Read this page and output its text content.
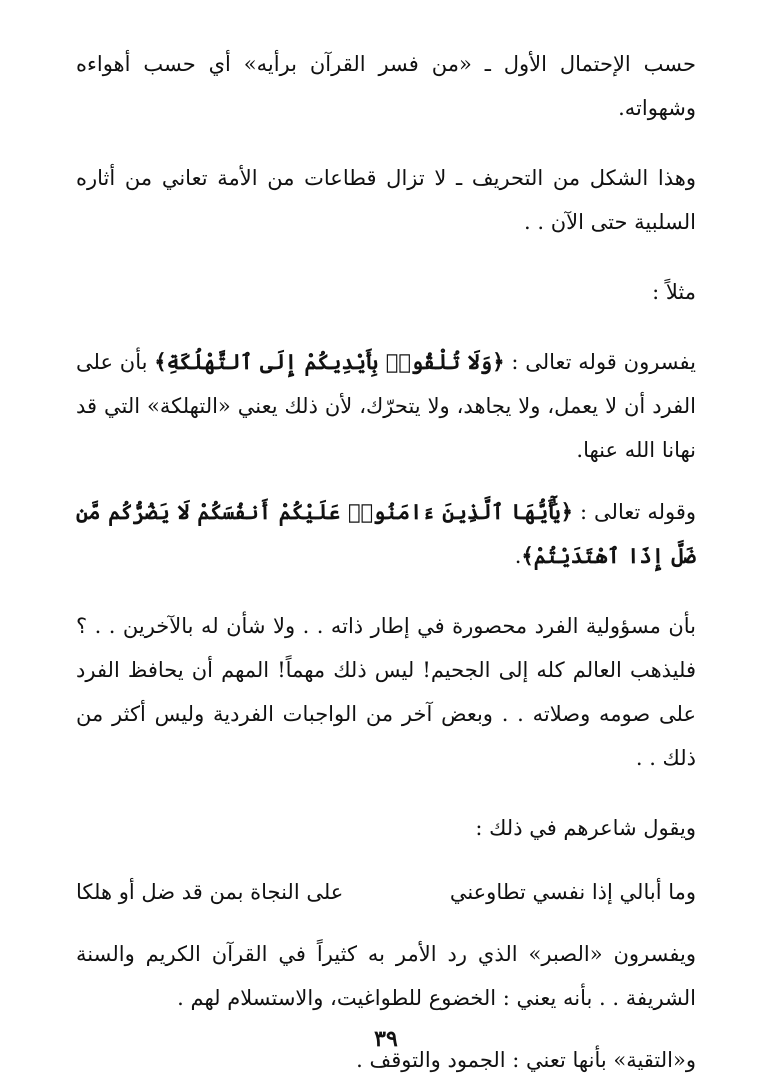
حسب الإحتمال الأول ـ «من فسر القرآن برأيه» أي حسب أهواءه وشهواته.

وهذا الشكل من التحريف ـ لا تزال قطاعات من الأمة تعاني من أثاره السلبية حتى الآن . .

مثلاً :

يفسرون قوله تعالى : ﴿وَلَا تُلْقُوا۟ بِأَيْدِيكُمْ إِلَى ٱلتَّهْلُكَةِ﴾ بأن على الفرد أن لا يعمل، ولا يجاهد، ولا يتحرّك، لأن ذلك يعني «التهلكة» التي قد نهانا الله عنها.

وقوله تعالى : ﴿يَٰٓأَيُّهَا ٱلَّذِينَ ءَامَنُوا۟ عَلَيْكُمْ أَنفُسَكُمْ لَا يَضُرُّكُم مَّن ضَلَّ إِذَا ٱهْتَدَيْتُمْ﴾.

بأن مسؤولية الفرد محصورة في إطار ذاته . . ولا شأن له بالآخرين . . ؟ فليذهب العالم كله إلى الجحيم! ليس ذلك مهماً! المهم أن يحافظ الفرد على صومه وصلاته . . وبعض آخر من الواجبات الفردية وليس أكثر من ذلك . .

ويقول شاعرهم في ذلك :

وما أبالي إذا نفسي تطاوعني
على النجاة بمن قد ضل أو هلكا

ويفسرون «الصبر» الذي رد الأمر به كثيراً في القرآن الكريم والسنة الشريفة . . بأنه يعني : الخضوع للطواغيت، والاستسلام لهم .

و«التقية» بأنها تعني : الجمود والتوقف .

٣٩
